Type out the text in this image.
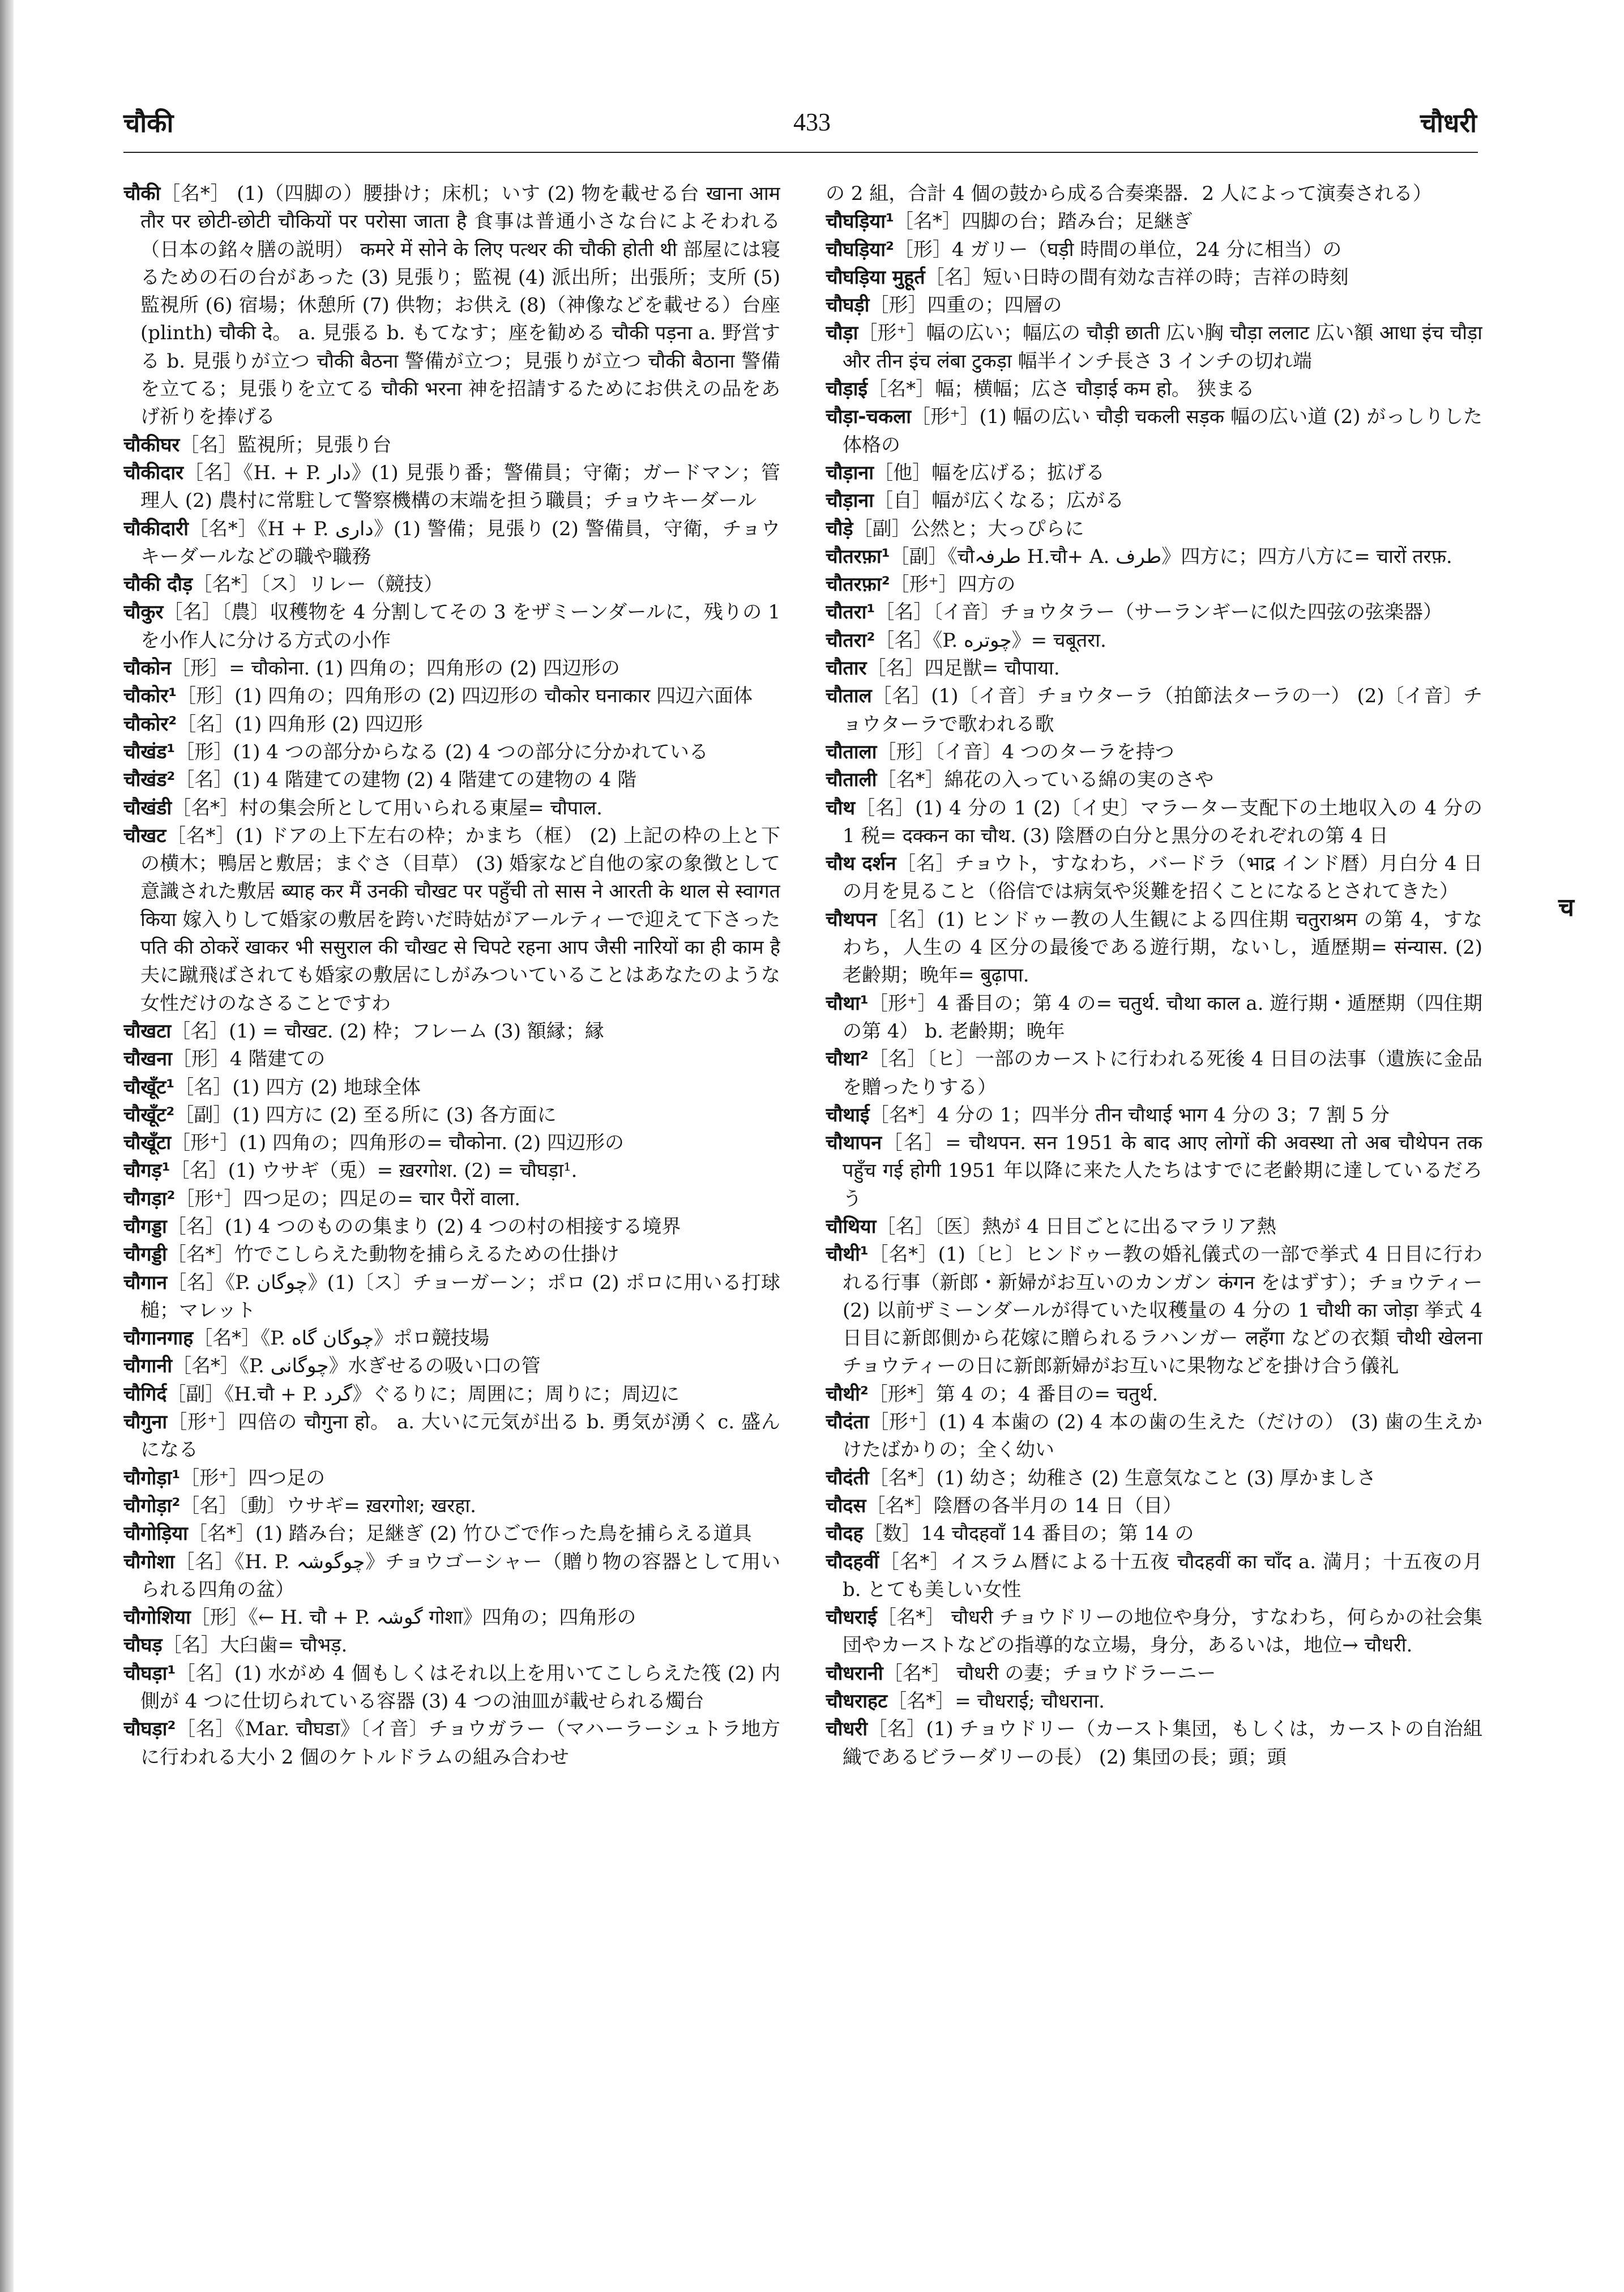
चौकी	433	चौधरी

चौकी［名*］ (1)（四脚の）腰掛け；床机；いす (2) 物を載せる台 खाना आम तौर पर छोटी-छोटी चौकियों पर परोसा जाता है 食事は普通小さな台によそわれる（日本の銘々膳の説明） कमरे में सोने के लिए पत्थर की चौकी होती थी 部屋には寝るための石の台があった (3) 見張り；監視 (4) 派出所；出張所；支所 (5) 監視所 (6) 宿場；休憩所 (7) 供物；お供え (8)（神像などを載せる）台座 (plinth) चौकी दे。 a. 見張る b. もてなす；座を勧める चौकी पड़ना a. 野営する b. 見張りが立つ चौकी बैठना 警備が立つ；見張りが立つ चौकी बैठाना 警備を立てる；見張りを立てる चौकी भरना 神を招請するためにお供えの品をあげ祈りを捧げる

चौकीघर［名］監視所；見張り台

चौकीदार［名］《H. + P. دار》(1) 見張り番；警備員；守衛；ガードマン；管理人 (2) 農村に常駐して警察機構の末端を担う職員；チョウキーダール

चौकीदारी［名*］《H + P. داری》(1) 警備；見張り (2) 警備員，守衛，チョウキーダールなどの職や職務

चौकी दौड़［名*］〔ス〕リレー（競技）

चौकुर［名］〔農〕収穫物を 4 分割してその 3 をザミーンダールに，残りの 1 を小作人に分ける方式の小作

चौकोन［形］= चौकोना. (1) 四角の；四角形の (2) 四辺形の

चौकोर¹［形］(1) 四角の；四角形の (2) 四辺形の चौकोर घनाकार 四辺六面体

चौकोर²［名］(1) 四角形 (2) 四辺形

चौखंड¹［形］(1) 4 つの部分からなる (2) 4 つの部分に分かれている

चौखंड²［名］(1) 4 階建ての建物 (2) 4 階建ての建物の 4 階

चौखंडी［名*］村の集会所として用いられる東屋= चौपाल.

चौखट［名*］(1) ドアの上下左右の枠；かまち（框） (2) 上記の枠の上と下の横木；鴨居と敷居；まぐさ（目草） (3) 婚家など自他の家の象徴として意識された敷居 ब्याह कर मैं उनकी चौखट पर पहुँची तो सास ने आरती के थाल से स्वागत किया 嫁入りして婚家の敷居を跨いだ時姑がアールティーで迎えて下さった पति की ठोकरें खाकर भी ससुराल की चौखट से चिपटे रहना आप जैसी नारियों का ही काम है 夫に蹴飛ばされても婚家の敷居にしがみついていることはあなたのような女性だけのなさることですわ

चौखटा［名］(1) = चौखट. (2) 枠；フレーム (3) 額縁；縁

चौखना［形］4 階建ての

चौखूँट¹［名］(1) 四方 (2) 地球全体

चौखूँट²［副］(1) 四方に (2) 至る所に (3) 各方面に

चौखूँटा［形⁺］(1) 四角の；四角形の= चौकोना. (2) 四辺形の

चौगड़¹［名］(1) ウサギ（兎）= ख़रगोश. (2) = चौघड़ा¹.

चौगड़ा²［形⁺］四つ足の；四足の= चार पैरों वाला.

चौगड्डा［名］(1) 4 つのものの集まり (2) 4 つの村の相接する境界

चौगड्डी［名*］竹でこしらえた動物を捕らえるための仕掛け

चौगान［名］《P. چوگان》(1)〔ス〕チョーガーン；ポロ (2) ポロに用いる打球槌；マレット

चौगानगाह［名*］《P. چوگان گاه》ポロ競技場

चौगानी［名*］《P. چوگانی》水ぎせるの吸い口の管

चौगिर्द［副］《H.चौ + P. گرد》ぐるりに；周囲に；周りに；周辺に

चौगुना［形⁺］四倍の चौगुना हो。 a. 大いに元気が出る b. 勇気が湧く c. 盛んになる

चौगोड़ा¹［形⁺］四つ足の

चौगोड़ा²［名］〔動〕ウサギ= ख़रगोश; खरहा.

चौगोड़िया［名*］(1) 踏み台；足継ぎ (2) 竹ひごで作った鳥を捕らえる道具

चौगोशा［名］《H. P. چوگوشہ》チョウゴーシャー（贈り物の容器として用いられる四角の盆）

चौगोशिया［形］《← H. चौ + P. گوشہ गोशा》四角の；四角形の

चौघड़［名］大臼歯= चौभड़.

चौघड़ा¹［名］(1) 水がめ 4 個もしくはそれ以上を用いてこしらえた筏 (2) 内側が 4 つに仕切られている容器 (3) 4 つの油皿が載せられる燭台

चौघड़ा²［名］《Mar. चौघडा》〔イ音〕チョウガラー（マハーラーシュトラ地方に行われる大小 2 個のケトルドラムの組み合わせ

の 2 組，合計 4 個の鼓から成る合奏楽器．2 人によって演奏される）

चौघड़िया¹［名*］四脚の台；踏み台；足継ぎ

चौघड़िया²［形］4 ガリー（घड़ी 時間の単位，24 分に相当）の

चौघड़िया मुहूर्त［名］短い日時の間有効な吉祥の時；吉祥の時刻

चौघड़ी［形］四重の；四層の

चौड़ा［形⁺］幅の広い；幅広の चौड़ी छाती 広い胸 चौड़ा ललाट 広い額 आधा इंच चौड़ा और तीन इंच लंबा टुकड़ा 幅半インチ長さ 3 インチの切れ端

चौड़ाई［名*］幅；横幅；広さ चौड़ाई कम हो。 狭まる

चौड़ा-चकला［形⁺］(1) 幅の広い चौड़ी चकली सड़क 幅の広い道 (2) がっしりした体格の

चौड़ाना［他］幅を広げる；拡げる

चौड़ाना［自］幅が広くなる；広がる

चौड़े［副］公然と；大っぴらに

चौतरफ़ा¹［副］《चौطرفہ H.चौ+ A. طرف》四方に；四方八方に= चारों तरफ़.

चौतरफ़ा²［形⁺］四方の

चौतरा¹［名］〔イ音〕チョウタラー（サーランギーに似た四弦の弦楽器）

चौतरा²［名］《P. چوتره》= चबूतरा.

चौतार［名］四足獣= चौपाया.

चौताल［名］(1)〔イ音〕チョウターラ（拍節法ターラの一） (2)〔イ音〕チョウターラで歌われる歌

चौताला［形］〔イ音〕4 つのターラを持つ

चौताली［名*］綿花の入っている綿の実のさや

चौथ［名］(1) 4 分の 1 (2)〔イ史〕マラーター支配下の土地収入の 4 分の 1 税= दक्कन का चौथ. (3) 陰暦の白分と黒分のそれぞれの第 4 日

चौथ दर्शन［名］チョウト，すなわち，バードラ（भाद्र インド暦）月白分 4 日の月を見ること（俗信では病気や災難を招くことになるとされてきた）

चौथपन［名］(1) ヒンドゥー教の人生観による四住期 चतुराश्रम の第 4，すなわち，人生の 4 区分の最後である遊行期，ないし，遁歴期= संन्यास. (2) 老齢期；晩年= बुढ़ापा.

चौथा¹［形⁺］4 番目の；第 4 の= चतुर्थ. चौथा काल a. 遊行期・遁歴期（四住期の第 4） b. 老齢期；晩年

चौथा²［名］〔ヒ〕一部のカーストに行われる死後 4 日目の法事（遺族に金品を贈ったりする）

चौथाई［名*］4 分の 1；四半分 तीन चौथाई भाग 4 分の 3；7 割 5 分

चौथापन［名］= चौथपन. सन 1951 के बाद आए लोगों की अवस्था तो अब चौथेपन तक पहुँच गई होगी 1951 年以降に来た人たちはすでに老齢期に達しているだろう

चौथिया［名］〔医〕熱が 4 日目ごとに出るマラリア熱

चौथी¹［名*］(1)〔ヒ〕ヒンドゥー教の婚礼儀式の一部で挙式 4 日目に行われる行事（新郎・新婦がお互いのカンガン कंगन をはずす）；チョウティー (2) 以前ザミーンダールが得ていた収穫量の 4 分の 1 चौथी का जोड़ा 挙式 4 日目に新郎側から花嫁に贈られるラハンガー लहँगा などの衣類 चौथी खेलना チョウティーの日に新郎新婦がお互いに果物などを掛け合う儀礼

चौथी²［形*］第 4 の；4 番目の= चतुर्थ.

चौदंता［形⁺］(1) 4 本歯の (2) 4 本の歯の生えた（だけの） (3) 歯の生えかけたばかりの；全く幼い

चौदंती［名*］(1) 幼さ；幼稚さ (2) 生意気なこと (3) 厚かましさ

चौदस［名*］陰暦の各半月の 14 日（目）

चौदह［数］14 चौदहवाँ 14 番目の；第 14 の

चौदहवीं［名*］イスラム暦による十五夜 चौदहवीं का चाँद a. 満月；十五夜の月 b. とても美しい女性

चौधराई［名*］ चौधरी チョウドリーの地位や身分，すなわち，何らかの社会集団やカーストなどの指導的な立場，身分，あるいは，地位→ चौधरी.

चौधरानी［名*］ चौधरी の妻；チョウドラーニー

चौधराहट［名*］= चौधराई; चौधराना.

चौधरी［名］(1) チョウドリー（カースト集団，もしくは，カーストの自治組織であるビラーダリーの長） (2) 集団の長；頭；頭

च
